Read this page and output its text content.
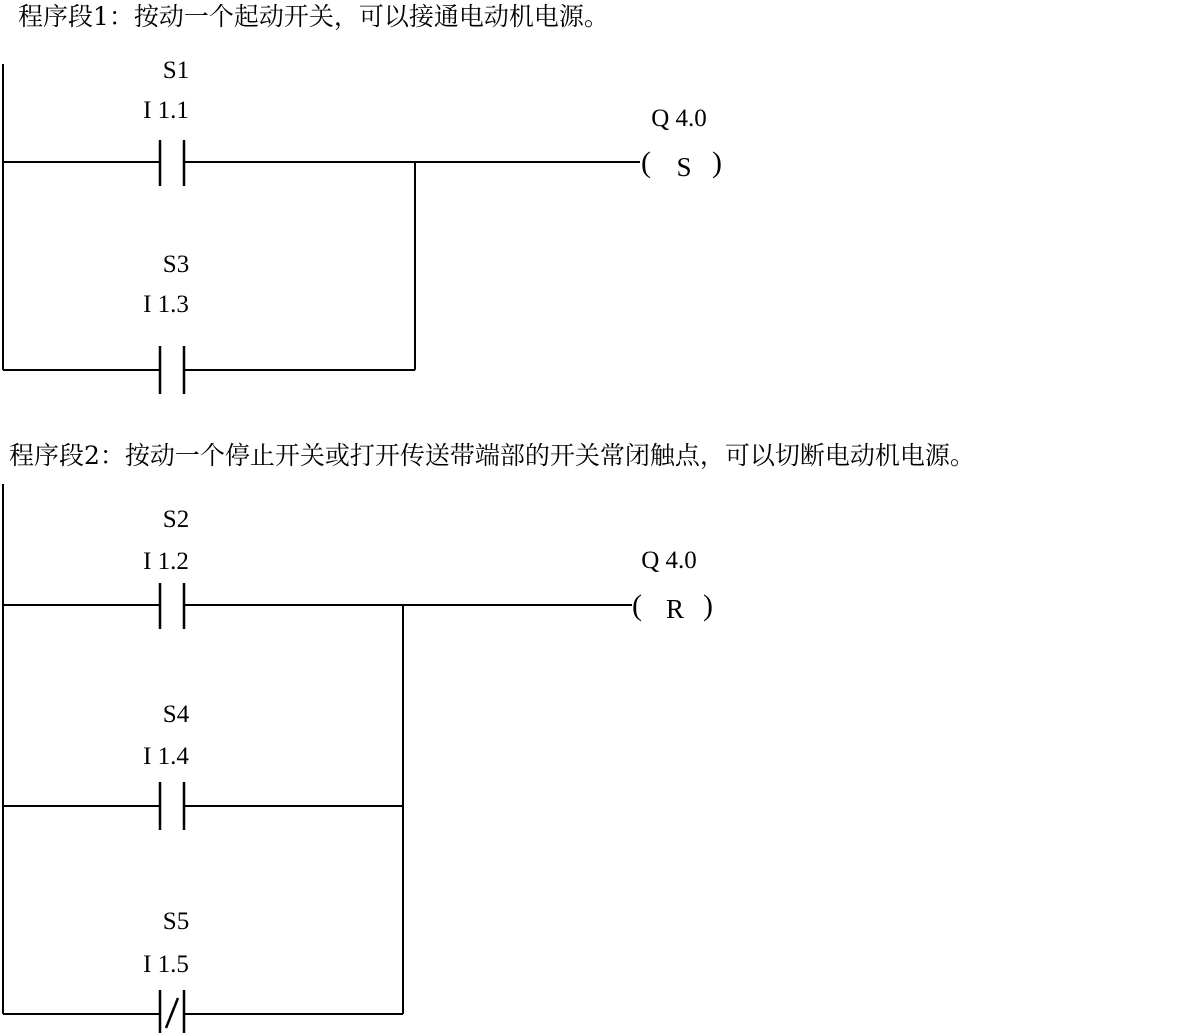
程序段1：按动一个起动开关，可以接通电动机电源。
程序段2：按动一个停止开关或打开传送带端部的开关常闭触点，可以切断电动机电源。
S1
I 1.1
S3
I 1.3
Q 4.0
( S )
S2
I 1.2
S4
I 1.4
S5
I 1.5
Q 4.0
( R )
